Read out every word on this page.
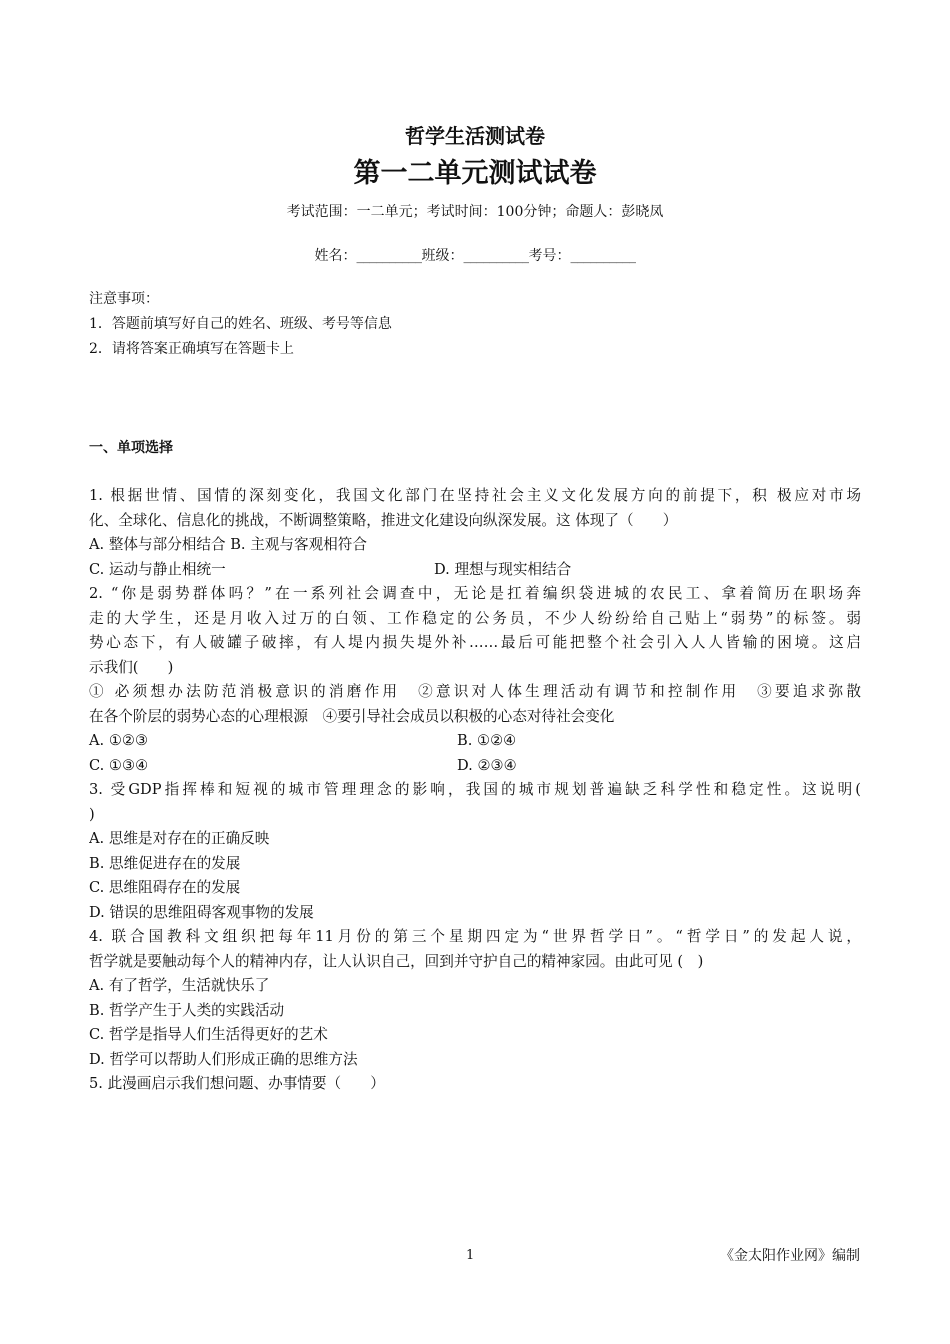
哲学生活测试卷
第一二单元测试试卷
考试范围：一二单元；考试时间：100分钟；命题人：彭晓凤
姓名：__________班级：__________考号：__________
注意事项：
1．答题前填写好自己的姓名、班级、考号等信息
2．请将答案正确填写在答题卡上
一、单项选择
1. 根据世情、国情的深刻变化，我国文化部门在坚持社会主义文化发展方向的前提下，积 极应对市场
化、全球化、信息化的挑战，不断调整策略，推进文化建设向纵深发展。这 体现了（　　）
A. 整体与部分相结合 B. 主观与客观相符合
C. 运动与静止相统一	D. 理想与现实相结合
2. “你是弱势群体吗？”在一系列社会调查中，无论是扛着编织袋进城的农民工、拿着简历在职场奔
走的大学生，还是月收入过万的白领、工作稳定的公务员，不少人纷纷给自己贴上“弱势”的标签。弱
势心态下，有人破罐子破摔，有人堤内损失堤外补……最后可能把整个社会引入人人皆输的困境。这启
示我们(　　)
① 必须想办法防范消极意识的消磨作用　②意识对人体生理活动有调节和控制作用　③要追求弥散
在各个阶层的弱势心态的心理根源　④要引导社会成员以积极的心态对待社会变化
A. ①②③	B. ①②④
C. ①③④	D. ②③④
3. 受GDP指挥棒和短视的城市管理理念的影响，我国的城市规划普遍缺乏科学性和稳定性。这说明(
)
A. 思维是对存在的正确反映
B. 思维促进存在的发展
C. 思维阻碍存在的发展
D. 错误的思维阻碍客观事物的发展
4. 联合国教科文组织把每年11月份的第三个星期四定为“世界哲学日”。“哲学日”的发起人说，
哲学就是要触动每个人的精神内存，让人认识自己，回到并守护自己的精神家园。由此可见 (　)
A. 有了哲学，生活就快乐了
B. 哲学产生于人类的实践活动
C. 哲学是指导人们生活得更好的艺术
D. 哲学可以帮助人们形成正确的思维方法
5. 此漫画启示我们想问题、办事情要（　　）
1	《金太阳作业网》编制
